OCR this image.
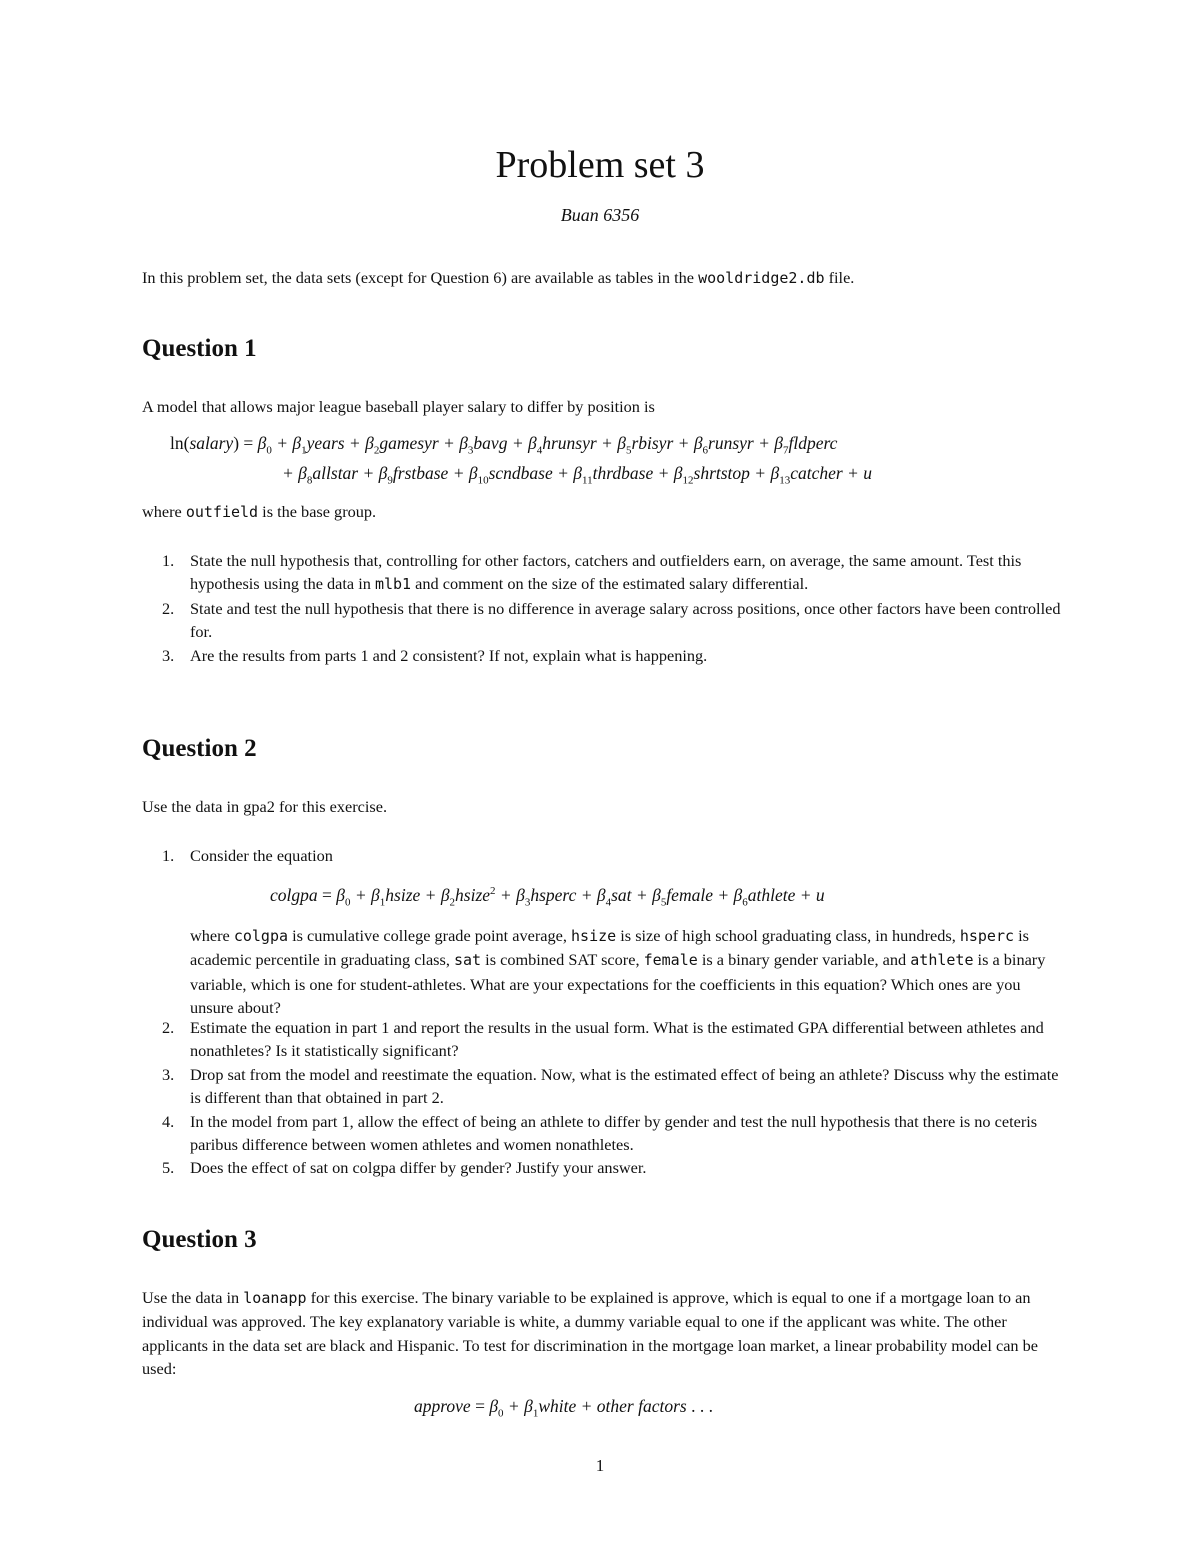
Problem set 3
Buan 6356
In this problem set, the data sets (except for Question 6) are available as tables in the wooldridge2.db file.
Question 1
A model that allows major league baseball player salary to differ by position is
ln(salary) = $\beta_0$ + $\beta_1years$ + $\beta_2gamesyr$ + $\beta_3bavg$ + $\beta_4hrunsyr$ + $\beta_5rbisyr$ + $\beta_6runsyr$ + $\beta_7fldperc$
+ $\beta_8allstar$ + $\beta_9frstbase$ + $\beta_{10}scndbase$ + $\beta_{11}thrdbase$ + $\beta_{12}shrtstop$ + $\beta_{13}catcher + u$
where outfield is the base group.
1. State the null hypothesis that, controlling for other factors, catchers and outfielders earn, on average, the same amount. Test this hypothesis using the data in mlb1 and comment on the size of the estimated salary differential.
2. State and test the null hypothesis that there is no difference in average salary across positions, once other factors have been controlled for.
3. Are the results from parts 1 and 2 consistent? If not, explain what is happening.
Question 2
Use the data in gpa2 for this exercise.
1. Consider the equation
colgpa = $\beta_0$ + $\beta_1hsize$ + $\beta_2hsize^2$ + $\beta_3hsperc + \beta_4sat$ + $\beta_5female$ + $\beta_6athlete + u$
where colgpa is cumulative college grade point average, hsize is size of high school graduating class, in hundreds, hsperc is academic percentile in graduating class, sat is combined SAT score, female is a binary gender variable, and athlete is a binary variable, which is one for student-athletes. What are your expectations for the coefficients in this equation? Which ones are you unsure about?
2. Estimate the equation in part 1 and report the results in the usual form. What is the estimated GPA differential between athletes and nonathletes? Is it statistically significant?
3. Drop sat from the model and reestimate the equation. Now, what is the estimated effect of being an athlete? Discuss why the estimate is different than that obtained in part 2.
4. In the model from part 1, allow the effect of being an athlete to differ by gender and test the null hypothesis that there is no ceteris paribus difference between women athletes and women nonathletes.
5. Does the effect of sat on colgpa differ by gender? Justify your answer.
Question 3
Use the data in loanapp for this exercise. The binary variable to be explained is approve, which is equal to one if a mortgage loan to an individual was approved. The key explanatory variable is white, a dummy variable equal to one if the applicant was white. The other applicants in the data set are black and Hispanic. To test for discrimination in the mortgage loan market, a linear probability model can be used:
approve = $\beta_0$ + $\beta_1white$ + other factors . . .
1
